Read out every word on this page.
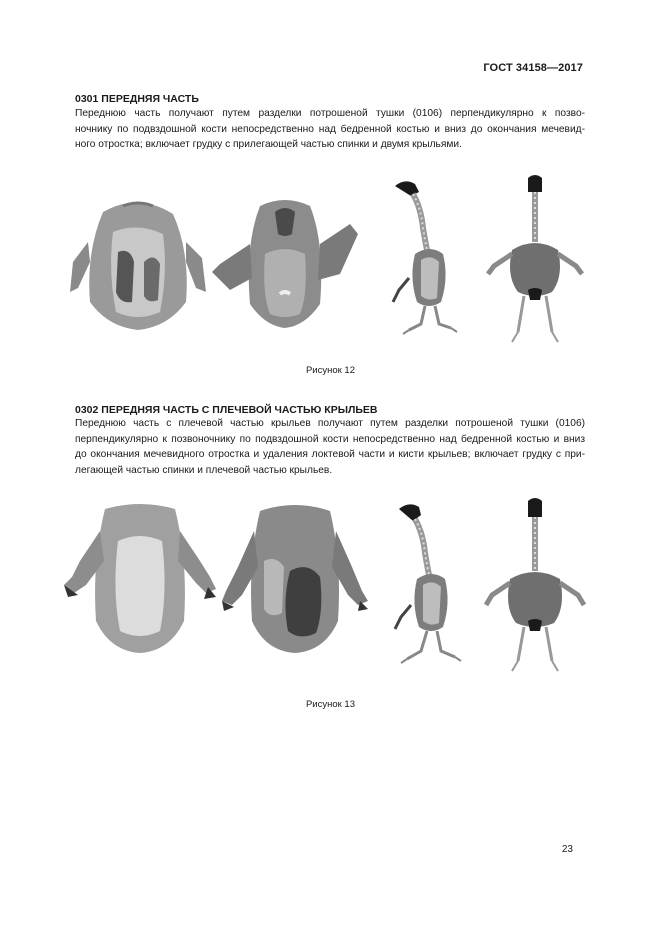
ГОСТ 34158—2017
0301 ПЕРЕДНЯЯ ЧАСТЬ
Переднюю часть получают путем разделки потрошеной тушки (0106) перпендикулярно к позво-
ночнику по подвздошной кости непосредственно над бедренной костью и вниз до окончания мечевид-
ного отростка; включает грудку с прилегающей частью спинки и двумя крыльями.
Рисунок 12
0302 ПЕРЕДНЯЯ ЧАСТЬ С ПЛЕЧЕВОЙ ЧАСТЬЮ КРЫЛЬЕВ
Переднюю часть с плечевой частью крыльев получают путем разделки потрошеной тушки (0106)
перпендикулярно к позвоночнику по подвздошной кости непосредственно над бедренной костью и вниз
до окончания мечевидного отростка и удаления локтевой части и кисти крыльев; включает грудку с при-
легающей частью спинки и плечевой частью крыльев.
Рисунок 13
23
